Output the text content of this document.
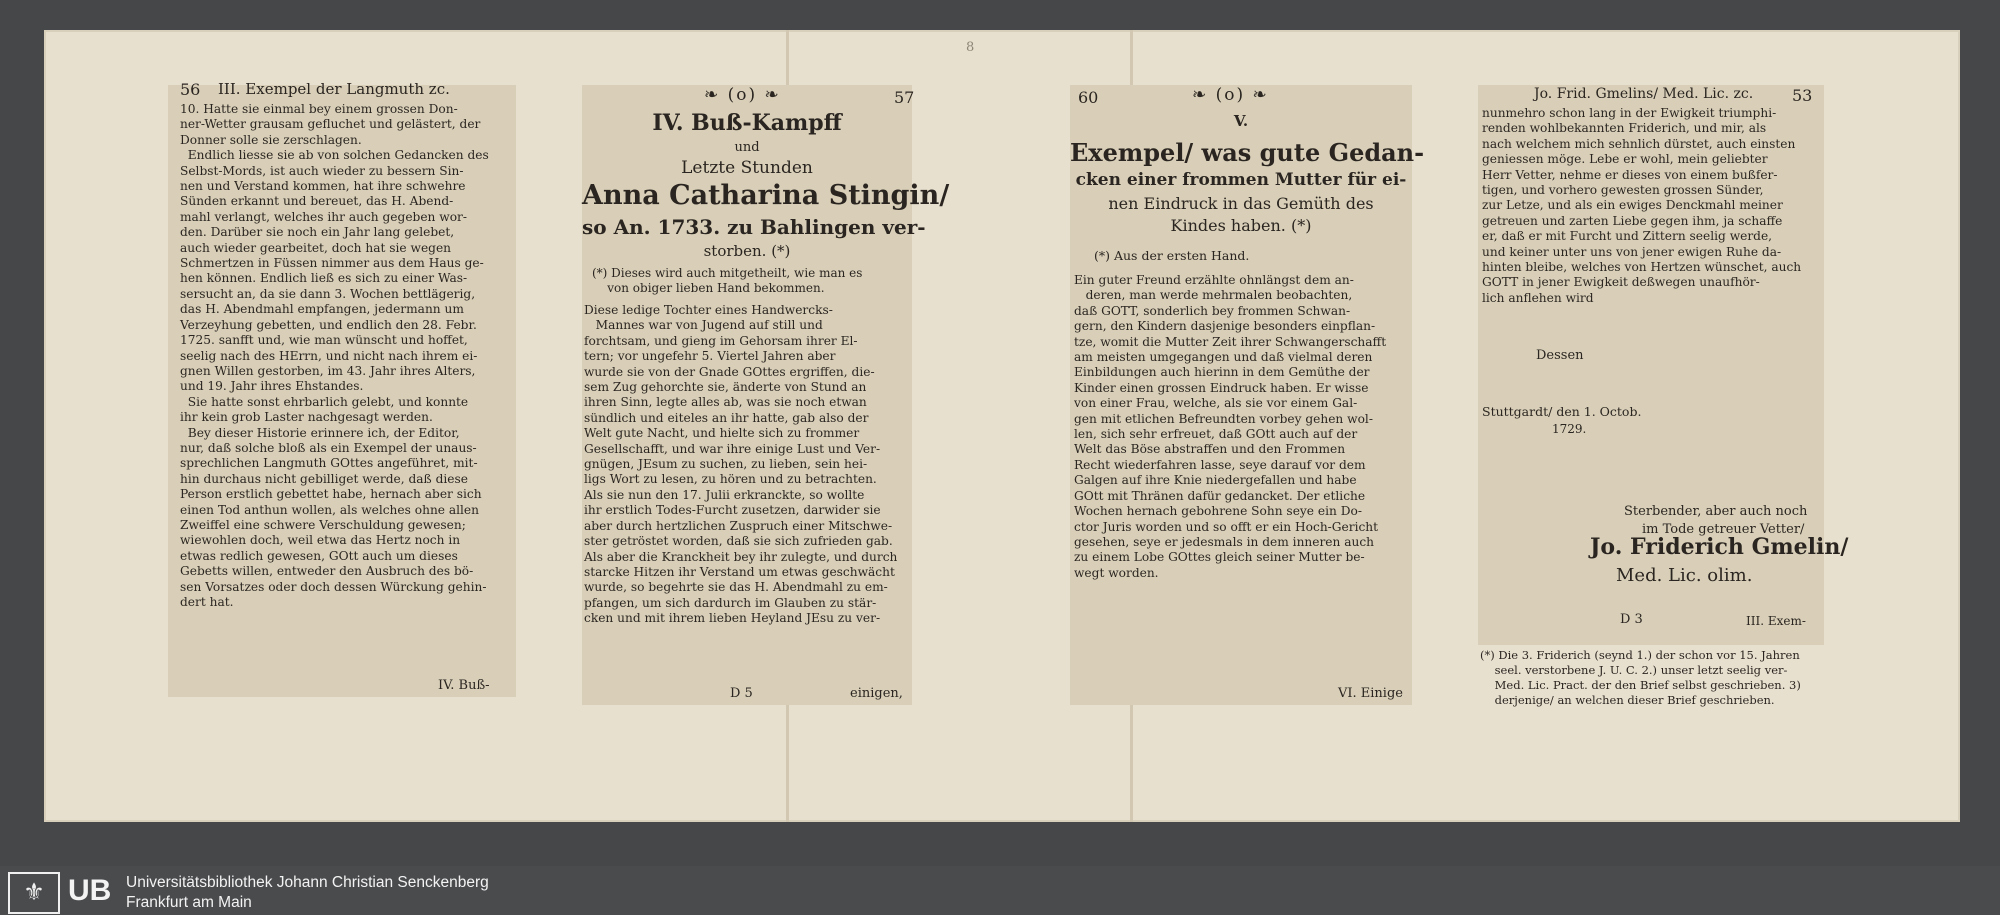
56 III. Exempel der Langmuth zc.
10. Hatte sie einmal bey einem grossen Don-
ner-Wetter grausam gefluchet und gelästert, der
Donner solle sie zerschlagen.
Endlich liesse sie ab von solchen Gedancken des
Selbst-Mords, ist auch wieder zu bessern Sin-
nen und Verstand kommen, hat ihre schwehre
Sünden erkannt und bereuet, das H. Abend-
mahl verlangt, welches ihr auch gegeben wor-
den. Darüber sie noch ein Jahr lang gelebet,
auch wieder gearbeitet, doch hat sie wegen
Schmertzen in Füssen nimmer aus dem Haus ge-
hen können. Endlich ließ es sich zu einer Was-
sersucht an, da sie dann 3. Wochen bettlägerig,
das H. Abendmahl empfangen, jedermann um
Verzeyhung gebetten, und endlich den 28. Febr.
1725. sanfft und, wie man wünscht und hoffet,
seelig nach des HErrn, und nicht nach ihrem ei-
gnen Willen gestorben, im 43. Jahr ihres Alters,
und 19. Jahr ihres Ehstandes.
Sie hatte sonst ehrbarlich gelebt, und konnte
ihr kein grob Laster nachgesagt werden.
Bey dieser Historie erinnere ich, der Editor,
nur, daß solche bloß als ein Exempel der unaus-
sprechlichen Langmuth GOttes angeführet, mit-
hin durchaus nicht gebilliget werde, daß diese
Person erstlich gebettet habe, hernach aber sich
einen Tod anthun wollen, als welches ohne allen
Zweiffel eine schwere Verschuldung gewesen;
wiewohlen doch, weil etwa das Hertz noch in
etwas redlich gewesen, GOtt auch um dieses
Gebetts willen, entweder den Ausbruch des bö-
sen Vorsatzes oder doch dessen Würckung gehin-
dert hat.
IV. Buß-
❧ (o) ❧	57
IV. Buß-Kampff
und
Letzte Stunden
Anna Catharina Stingin/
so An. 1733. zu Bahlingen ver-
storben. (*)
(*) Dieses wird auch mitgetheilt, wie man es
von obiger lieben Hand bekommen.
Diese ledige Tochter eines Handwercks-
Mannes war von Jugend auf still und
forchtsam, und gieng im Gehorsam ihrer El-
tern; vor ungefehr 5. Viertel Jahren aber
wurde sie von der Gnade GOttes ergriffen, die-
sem Zug gehorchte sie, änderte von Stund an
ihren Sinn, legte alles ab, was sie noch etwan
sündlich und eiteles an ihr hatte, gab also der
Welt gute Nacht, und hielte sich zu frommer
Gesellschafft, und war ihre einige Lust und Ver-
gnügen, JEsum zu suchen, zu lieben, sein hei-
ligs Wort zu lesen, zu hören und zu betrachten.
Als sie nun den 17. Julii erkranckte, so wollte
ihr erstlich Todes-Furcht zusetzen, darwider sie
aber durch hertzlichen Zuspruch einer Mitschwe-
ster getröstet worden, daß sie sich zufrieden gab.
Als aber die Kranckheit bey ihr zulegte, und durch
starcke Hitzen ihr Verstand um etwas geschwächt
wurde, so begehrte sie das H. Abendmahl zu em-
pfangen, um sich dardurch im Glauben zu stär-
cken und mit ihrem lieben Heyland JEsu zu ver-
D 5	einigen,
60	❧ (o) ❧
V.
Exempel/ was gute Gedan-
cken einer frommen Mutter für ei-
nen Eindruck in das Gemüth des
Kindes haben. (*)
(*) Aus der ersten Hand.
Ein guter Freund erzählte ohnlängst dem an-
deren, man werde mehrmalen beobachten,
daß GOTT, sonderlich bey frommen Schwan-
gern, den Kindern dasjenige besonders einpflan-
tze, womit die Mutter Zeit ihrer Schwangerschafft
am meisten umgegangen und daß vielmal deren
Einbildungen auch hierinn in dem Gemüthe der
Kinder einen grossen Eindruck haben. Er wisse
von einer Frau, welche, als sie vor einem Gal-
gen mit etlichen Befreundten vorbey gehen wol-
len, sich sehr erfreuet, daß GOtt auch auf der
Welt das Böse abstraffen und den Frommen
Recht wiederfahren lasse, seye darauf vor dem
Galgen auf ihre Knie niedergefallen und habe
GOtt mit Thränen dafür gedancket. Der etliche
Wochen hernach gebohrene Sohn seye ein Do-
ctor Juris worden und so offt er ein Hoch-Gericht
gesehen, seye er jedesmals in dem inneren auch
zu einem Lobe GOttes gleich seiner Mutter be-
wegt worden.
VI. Einige
Jo. Frid. Gmelins/ Med. Lic. zc. 53
nunmehro schon lang in der Ewigkeit triumphi-
renden wohlbekannten Friderich, und mir, als
nach welchem mich sehnlich dürstet, auch einsten
geniessen möge. Lebe er wohl, mein geliebter
Herr Vetter, nehme er dieses von einem bußfer-
tigen, und vorhero gewesten grossen Sünder,
zur Letze, und als ein ewiges Denckmahl meiner
getreuen und zarten Liebe gegen ihm, ja schaffe
er, daß er mit Furcht und Zittern seelig werde,
und keiner unter uns von jener ewigen Ruhe da-
hinten bleibe, welches von Hertzen wünschet, auch
GOTT in jener Ewigkeit deßwegen unaufhör-
lich anflehen wird
Dessen
Stuttgardt/ den 1. Octob.
1729.
Sterbender, aber auch noch
im Tode getreuer Vetter/
Jo. Friderich Gmelin/
Med. Lic. olim.
D 3	III. Exem-
(*) Die 3. Friderich (seynd 1.) der schon vor 15. Jahren
seel. verstorbene J. U. C. 2.) unser letzt seelig ver-
Med. Lic. Pract. der den Brief selbst geschrieben. 3)
derjenige/ an welchen dieser Brief geschrieben.
8
⚜ UB Universitätsbibliothek Johann Christian Senckenberg
Frankfurt am Main
